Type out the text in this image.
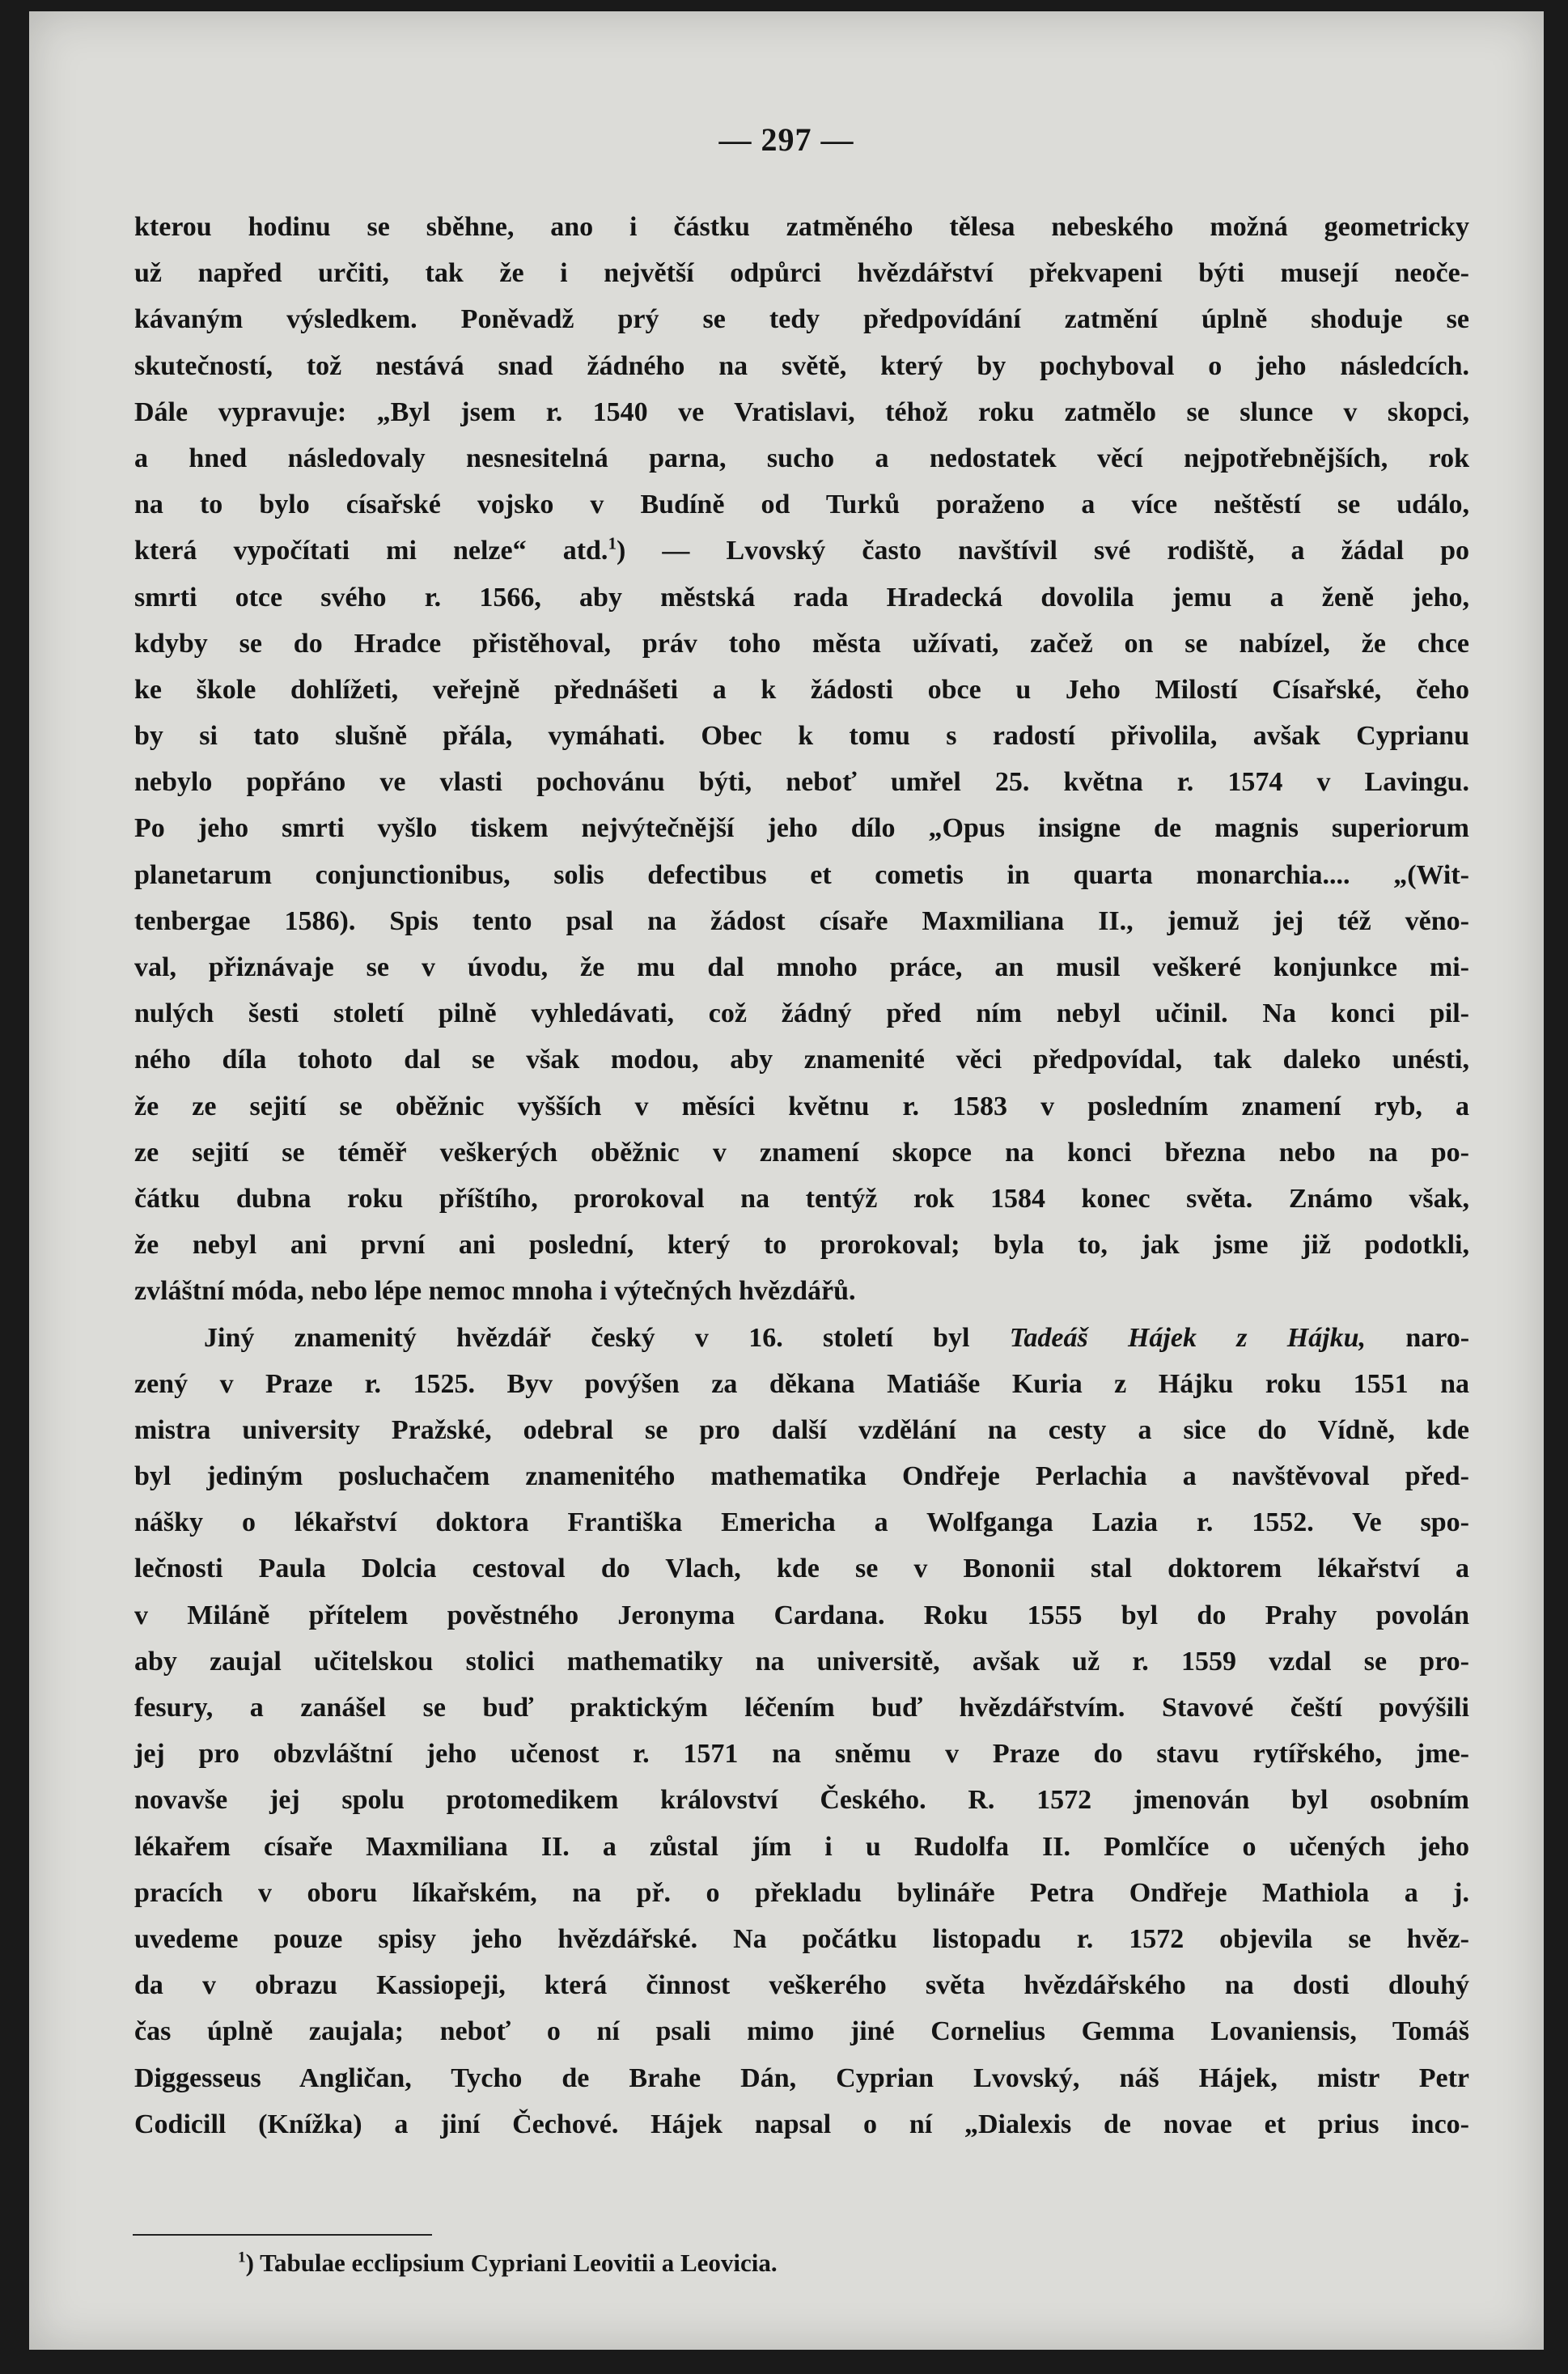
— 297 —
kterou hodinu se sběhne, ano i částku zatměného tělesa nebeského možná geometricky
už napřed určiti, tak že i největší odpůrci hvězdářství překvapeni býti musejí neoče-
kávaným výsledkem. Poněvadž prý se tedy předpovídání zatmění úplně shoduje se
skutečností, tož nestává snad žádného na světě, který by pochyboval o jeho následcích.
Dále vypravuje: „Byl jsem r. 1540 ve Vratislavi, téhož roku zatmělo se slunce v skopci,
a hned následovaly nesnesitelná parna, sucho a nedostatek věcí nejpotřebnějších, rok
na to bylo císařské vojsko v Budíně od Turků poraženo a více neštěstí se událo,
která vypočítati mi nelze“ atd.$^1$) — Lvovský často navštívil své rodiště, a žádal po
smrti otce svého r. 1566, aby městská rada Hradecká dovolila jemu a ženě jeho,
kdyby se do Hradce přistěhoval, práv toho města užívati, začež on se nabízel, že chce
ke škole dohlížeti, veřejně přednášeti a k žádosti obce u Jeho Milostí Císařské, čeho
by si tato slušně přála, vymáhati. Obec k tomu s radostí přivolila, avšak Cyprianu
nebylo popřáno ve vlasti pochovánu býti, neboť umřel 25. května r. 1574 v Lavingu.
Po jeho smrti vyšlo tiskem nejvýtečnější jeho dílo „Opus insigne de magnis superiorum
planetarum conjunctionibus, solis defectibus et cometis in quarta monarchia.... „(Wit-
tenbergae 1586). Spis tento psal na žádost císaře Maxmiliana II., jemuž jej též věno-
val, přiznávaje se v úvodu, že mu dal mnoho práce, an musil veškeré konjunkce mi-
nulých šesti století pilně vyhledávati, což žádný před ním nebyl učinil. Na konci pil-
ného díla tohoto dal se však modou, aby znamenité věci předpovídal, tak daleko unésti,
že ze sejití se oběžnic vyšších v měsíci květnu r. 1583 v posledním znamení ryb, a
ze sejití se téměř veškerých oběžnic v znamení skopce na konci března nebo na po-
čátku dubna roku příštího, prorokoval na tentýž rok 1584 konec světa. Známo však,
že nebyl ani první ani poslední, který to prorokoval; byla to, jak jsme již podotkli,
zvláštní móda, nebo lépe nemoc mnoha i výtečných hvězdářů.
Jiný znamenitý hvězdář český v 16. století byl Tadeáš Hájek z Hájku, naro-
zený v Praze r. 1525. Byv povýšen za děkana Matiáše Kuria z Hájku roku 1551 na
mistra university Pražské, odebral se pro další vzdělání na cesty a sice do Vídně, kde
byl jediným posluchačem znamenitého mathematika Ondřeje Perlachia a navštěvoval před-
nášky o lékařství doktora Františka Emericha a Wolfganga Lazia r. 1552. Ve spo-
lečnosti Paula Dolcia cestoval do Vlach, kde se v Bononii stal doktorem lékařství a
v Miláně přítelem pověstného Jeronyma Cardana. Roku 1555 byl do Prahy povolán
aby zaujal učitelskou stolici mathematiky na universitě, avšak už r. 1559 vzdal se pro-
fesury, a zanášel se buď praktickým léčením buď hvězdářstvím. Stavové čeští povýšili
jej pro obzvláštní jeho učenost r. 1571 na sněmu v Praze do stavu rytířského, jme-
novavše jej spolu protomedikem království Českého. R. 1572 jmenován byl osobním
lékařem císaře Maxmiliana II. a zůstal jím i u Rudolfa II. Pomlčíce o učených jeho
pracích v oboru líkařském, na př. o překladu bylináře Petra Ondřeje Mathiola a j.
uvedeme pouze spisy jeho hvězdářské. Na počátku listopadu r. 1572 objevila se hvěz-
da v obrazu Kassiopeji, která činnost veškerého světa hvězdářského na dosti dlouhý
čas úplně zaujala; neboť o ní psali mimo jiné Cornelius Gemma Lovaniensis, Tomáš
Diggesseus Angličan, Tycho de Brahe Dán, Cyprian Lvovský, náš Hájek, mistr Petr
Codicill (Knížka) a jiní Čechové. Hájek napsal o ní „Dialexis de novae et prius inco-
$^1$) Tabulae ecclipsium Cypriani Leovitii a Leovicia.
